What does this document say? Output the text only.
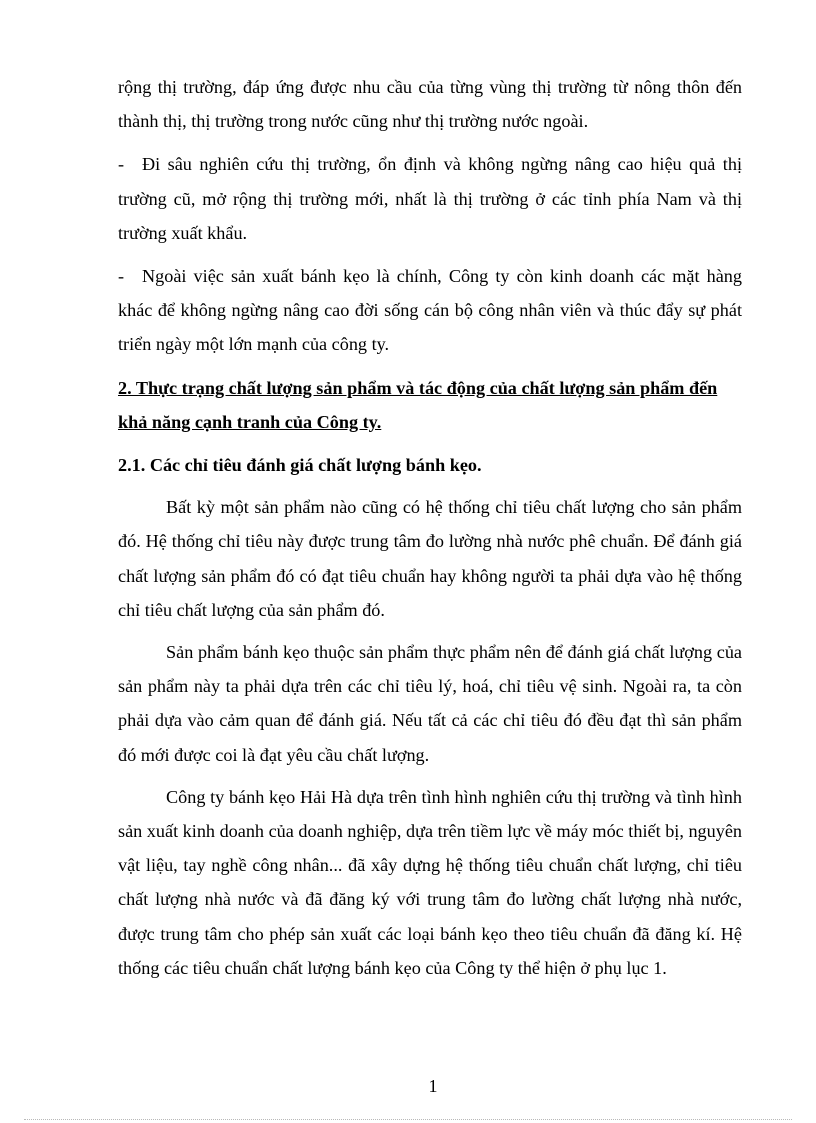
rộng thị trường, đáp ứng được nhu cầu của từng vùng thị trường từ nông thôn đến thành thị, thị trường trong nước cũng như thị trường nước ngoài.

- Đi sâu nghiên cứu thị trường, ổn định và không ngừng nâng cao hiệu quả thị trường cũ, mở rộng thị trường mới, nhất là thị trường ở các tỉnh phía Nam và thị trường xuất khẩu.

- Ngoài việc sản xuất bánh kẹo là chính, Công ty còn kinh doanh các mặt hàng khác để không ngừng nâng cao đời sống cán bộ công nhân viên và thúc đẩy sự phát triển ngày một lớn mạnh của công ty.

2. Thực trạng chất lượng sản phẩm và tác động của chất lượng sản phẩm đến khả năng cạnh tranh của Công ty.

2.1. Các chỉ tiêu đánh giá chất lượng bánh kẹo.

Bất kỳ một sản phẩm nào cũng có hệ thống chỉ tiêu chất lượng cho sản phẩm đó. Hệ thống chỉ tiêu này được trung tâm đo lường nhà nước phê chuẩn. Để đánh giá chất lượng sản phẩm đó có đạt tiêu chuẩn hay không người ta phải dựa vào hệ thống chỉ tiêu chất lượng của sản phẩm đó.

Sản phẩm bánh kẹo thuộc sản phẩm thực phẩm nên để đánh giá chất lượng của sản phẩm này ta phải dựa trên các chỉ tiêu lý, hoá, chỉ tiêu vệ sinh. Ngoài ra, ta còn phải dựa vào cảm quan để đánh giá. Nếu tất cả các chỉ tiêu đó đều đạt thì sản phẩm đó mới được coi là đạt yêu cầu chất lượng.

Công ty bánh kẹo Hải Hà dựa trên tình hình nghiên cứu thị trường và tình hình sản xuất kinh doanh của doanh nghiệp, dựa trên tiềm lực về máy móc thiết bị, nguyên vật liệu, tay nghề công nhân... đã xây dựng hệ thống tiêu chuẩn chất lượng, chỉ tiêu chất lượng nhà nước và đã đăng ký với trung tâm đo lường chất lượng nhà nước, được trung tâm cho phép sản xuất các loại bánh kẹo theo tiêu chuẩn đã đăng kí. Hệ thống các tiêu chuẩn chất lượng bánh kẹo của Công ty thể hiện ở phụ lục 1.

1
